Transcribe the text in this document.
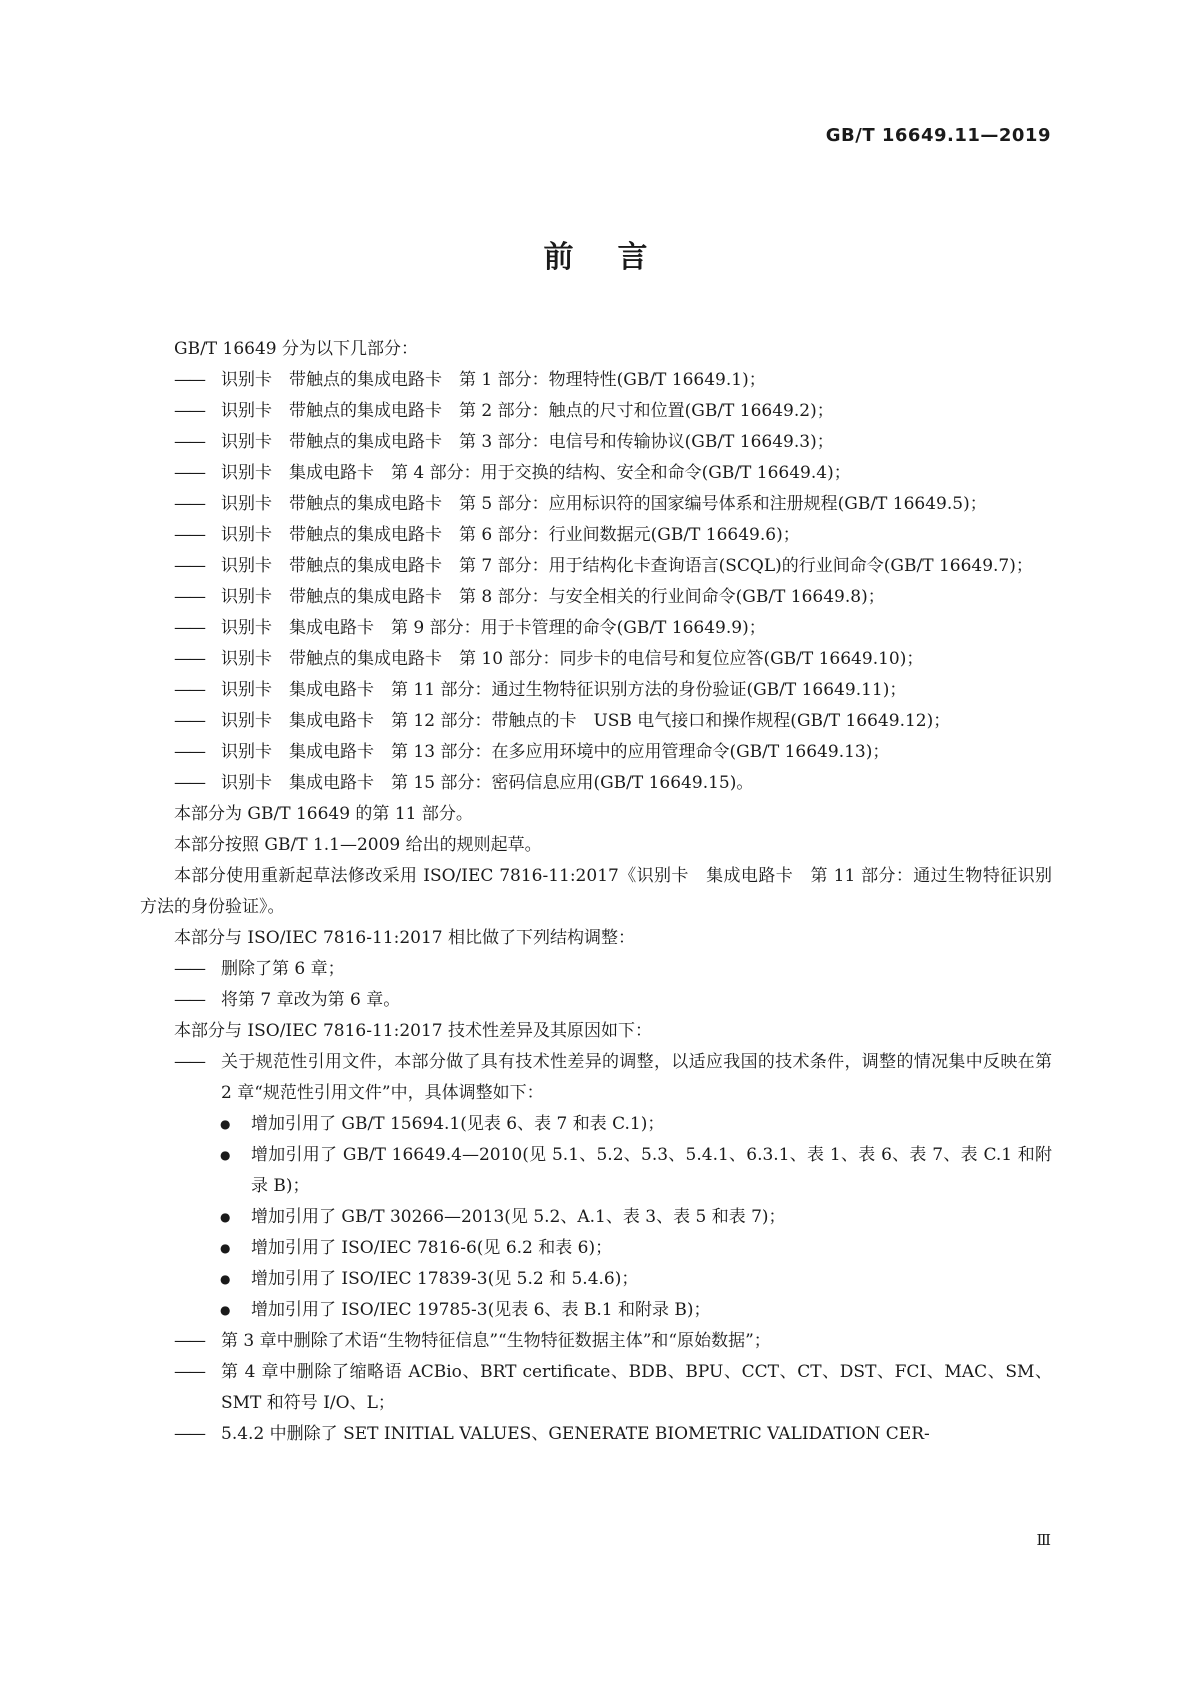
GB/T 16649.11—2019
前言

GB/T 16649 分为以下几部分：

—— 识别卡　带触点的集成电路卡　第 1 部分：物理特性(GB/T 16649.1)；

—— 识别卡　带触点的集成电路卡　第 2 部分：触点的尺寸和位置(GB/T 16649.2)；

—— 识别卡　带触点的集成电路卡　第 3 部分：电信号和传输协议(GB/T 16649.3)；

—— 识别卡　集成电路卡　第 4 部分：用于交换的结构、安全和命令(GB/T 16649.4)；

—— 识别卡　带触点的集成电路卡　第 5 部分：应用标识符的国家编号体系和注册规程(GB/T 16649.5)；

—— 识别卡　带触点的集成电路卡　第 6 部分：行业间数据元(GB/T 16649.6)；

—— 识别卡　带触点的集成电路卡　第 7 部分：用于结构化卡查询语言(SCQL)的行业间命令(GB/T 16649.7)；

—— 识别卡　带触点的集成电路卡　第 8 部分：与安全相关的行业间命令(GB/T 16649.8)；

—— 识别卡　集成电路卡　第 9 部分：用于卡管理的命令(GB/T 16649.9)；

—— 识别卡　带触点的集成电路卡　第 10 部分：同步卡的电信号和复位应答(GB/T 16649.10)；

—— 识别卡　集成电路卡　第 11 部分：通过生物特征识别方法的身份验证(GB/T 16649.11)；

—— 识别卡　集成电路卡　第 12 部分：带触点的卡　USB 电气接口和操作规程(GB/T 16649.12)；

—— 识别卡　集成电路卡　第 13 部分：在多应用环境中的应用管理命令(GB/T 16649.13)；

—— 识别卡　集成电路卡　第 15 部分：密码信息应用(GB/T 16649.15)。

本部分为 GB/T 16649 的第 11 部分。

本部分按照 GB/T 1.1—2009 给出的规则起草。

本部分使用重新起草法修改采用 ISO/IEC 7816-11:2017《识别卡　集成电路卡　第 11 部分：通过生物特征识别方法的身份验证》。

本部分与 ISO/IEC 7816-11:2017 相比做了下列结构调整：

—— 删除了第 6 章；

—— 将第 7 章改为第 6 章。

本部分与 ISO/IEC 7816-11:2017 技术性差异及其原因如下：

—— 关于规范性引用文件，本部分做了具有技术性差异的调整，以适应我国的技术条件，调整的情况集中反映在第 2 章“规范性引用文件”中，具体调整如下：

● 增加引用了 GB/T 15694.1(见表 6、表 7 和表 C.1)；

● 增加引用了 GB/T 16649.4—2010(见 5.1、5.2、5.3、5.4.1、6.3.1、表 1、表 6、表 7、表 C.1 和附录 B)；

● 增加引用了 GB/T 30266—2013(见 5.2、A.1、表 3、表 5 和表 7)；

● 增加引用了 ISO/IEC 7816-6(见 6.2 和表 6)；

● 增加引用了 ISO/IEC 17839-3(见 5.2 和 5.4.6)；

● 增加引用了 ISO/IEC 19785-3(见表 6、表 B.1 和附录 B)；

—— 第 3 章中删除了术语“生物特征信息”“生物特征数据主体”和“原始数据”；

—— 第 4 章中删除了缩略语 ACBio、BRT certificate、BDB、BPU、CCT、CT、DST、FCI、MAC、SM、SMT 和符号 I/O、L；

—— 5.4.2 中删除了 SET INITIAL VALUES、GENERATE BIOMETRIC VALIDATION CER-

Ⅲ
